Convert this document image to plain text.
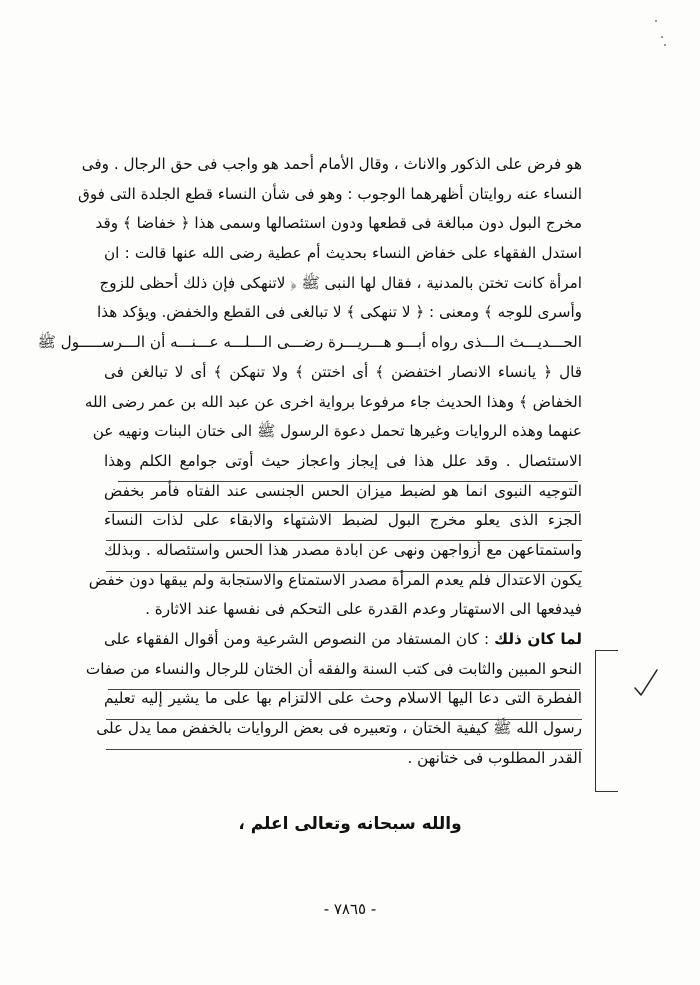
هو فرض على الذكور والاناث ، وقال الأمام أحمد هو واجب فى حق الرجال . وفى
النساء عنه روايتان أظهرهما الوجوب : وهو فى شأن النساء قطع الجلدة التى فوق
مخرج البول دون مبالغة فى قطعها ودون استئصالها وسمى هذا ﴿ خفاضا ﴾ وقد
استدل الفقهاء على خفاض النساء بحديث أم عطية رضى الله عنها قالت : ان
امرأة كانت تختن بالمدنية ، فقال لها النبى ﷺ ﴿ لاتنهكى فإن ذلك أحظى للزوج
وأسرى للوجه ﴾ ومعنى : ﴿ لا تنهكى ﴾ لا تبالغى فى القطع والخفض. ويؤكد هذا
الحـــديـــث الـــذى رواه أبـــو هـــريـــرة رضـــى الـــلـــه عـــنـــه أن الـــرســـــول ﷺ
قال ﴿ يانساء الانصار اختفضن ﴾ أى اختتن ﴾ ولا تنهكن ﴾ أى لا تبالغن فى
الخفاض ﴾ وهذا الحديث جاء مرفوعا برواية اخرى عن عبد الله بن عمر رضى الله
عنهما وهذه الروايات وغيرها تحمل دعوة الرسول ﷺ الى ختان البنات ونهيه عن
الاستئصال . وقد علل هذا فى إيجاز واعجاز حيث أوتى جوامع الكلم وهذا
التوجيه النبوى انما هو لضبط ميزان الحس الجنسى عند الفتاه فأمر بخفض
الجزء الذى يعلو مخرج البول لضبط الاشتهاء والابقاء على لذات النساء
واستمتاعهن مع أزواجهن ونهى عن ابادة مصدر هذا الحس واستئصاله . وبذلك
يكون الاعتدال فلم يعدم المرأة مصدر الاستمتاع والاستجابة ولم يبقها دون خفض
فيدفعها الى الاستهتار وعدم القدرة على التحكم فى نفسها عند الاثارة .
لما كان ذلك : كان المستفاد من النصوص الشرعية ومن أقوال الفقهاء على
النحو المبين والثابت فى كتب السنة والفقه أن الختان للرجال والنساء من صفات
الفطرة التى دعا اليها الاسلام وحث على الالتزام بها على ما يشير إليه تعليم
رسول الله ﷺ كيفية الختان ، وتعبيره فى بعض الروايات بالخفض مما يدل على
القدر المطلوب فى ختانهن .
والله سبحانه وتعالى اعلم ،
- ٧٨٦٥ -
